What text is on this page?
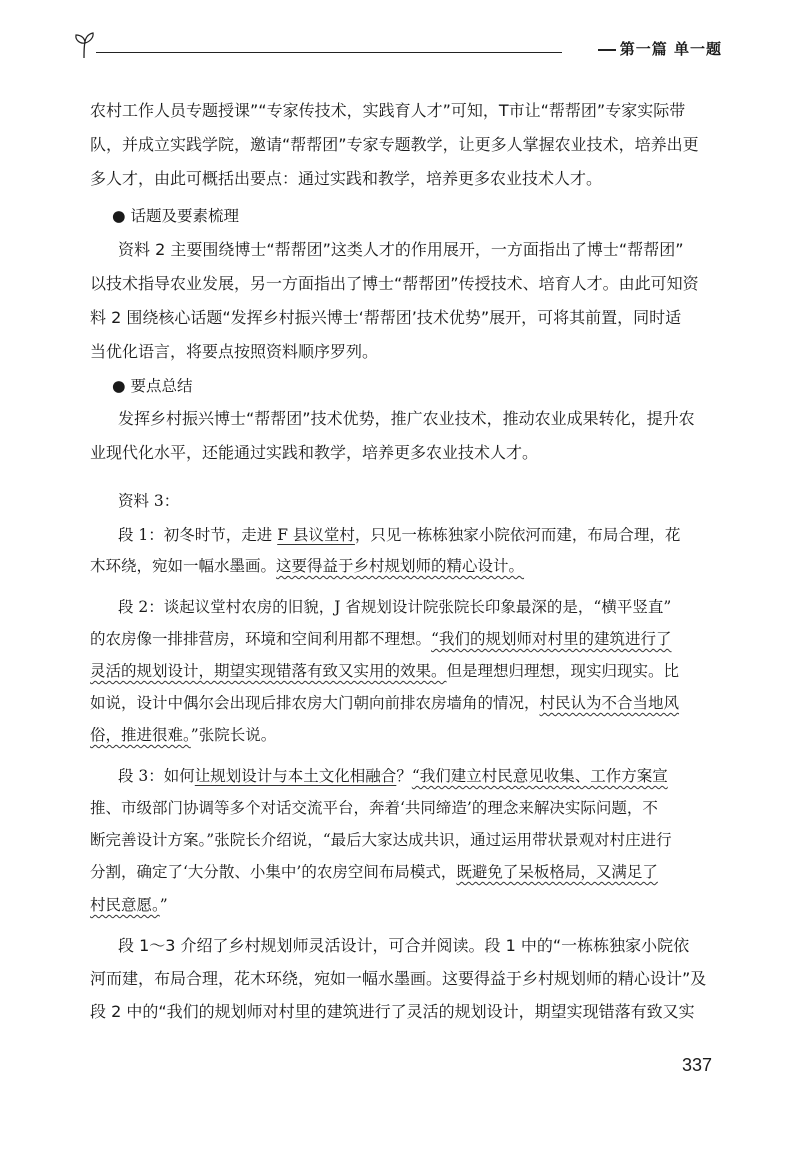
第一篇 单一题
农村工作人员专题授课”“专家传技术，实践育人才”可知，T市让“帮帮团”专家实际带
队，并成立实践学院，邀请“帮帮团”专家专题教学，让更多人掌握农业技术，培养出更
多人才，由此可概括出要点：通过实践和教学，培养更多农业技术人才。
● 话题及要素梳理
资料 2 主要围绕博士“帮帮团”这类人才的作用展开，一方面指出了博士“帮帮团”
以技术指导农业发展，另一方面指出了博士“帮帮团”传授技术、培育人才。由此可知资
料 2 围绕核心话题“发挥乡村振兴博士‘帮帮团’技术优势”展开，可将其前置，同时适
当优化语言，将要点按照资料顺序罗列。
● 要点总结
发挥乡村振兴博士“帮帮团”技术优势，推广农业技术，推动农业成果转化，提升农
业现代化水平，还能通过实践和教学，培养更多农业技术人才。
资料 3：
段 1：初冬时节，走进 F 县议堂村，只见一栋栋独家小院依河而建，布局合理，花
木环绕，宛如一幅水墨画。这要得益于乡村规划师的精心设计。
段 2：谈起议堂村农房的旧貌，J 省规划设计院张院长印象最深的是，“横平竖直”
的农房像一排排营房，环境和空间利用都不理想。“我们的规划师对村里的建筑进行了
灵活的规划设计，期望实现错落有致又实用的效果。但是理想归理想，现实归现实。比
如说，设计中偶尔会出现后排农房大门朝向前排农房墙角的情况，村民认为不合当地风
俗，推进很难。”张院长说。
段 3：如何让规划设计与本土文化相融合？“我们建立村民意见收集、工作方案宣
推、市级部门协调等多个对话交流平台，奔着‘共同缔造’的理念来解决实际问题，不
断完善设计方案。”张院长介绍说，“最后大家达成共识，通过运用带状景观对村庄进行
分割，确定了‘大分散、小集中’的农房空间布局模式，既避免了呆板格局，又满足了
村民意愿。”
段 1～3 介绍了乡村规划师灵活设计，可合并阅读。段 1 中的“一栋栋独家小院依
河而建，布局合理，花木环绕，宛如一幅水墨画。这要得益于乡村规划师的精心设计”及
段 2 中的“我们的规划师对村里的建筑进行了灵活的规划设计，期望实现错落有致又实
337
